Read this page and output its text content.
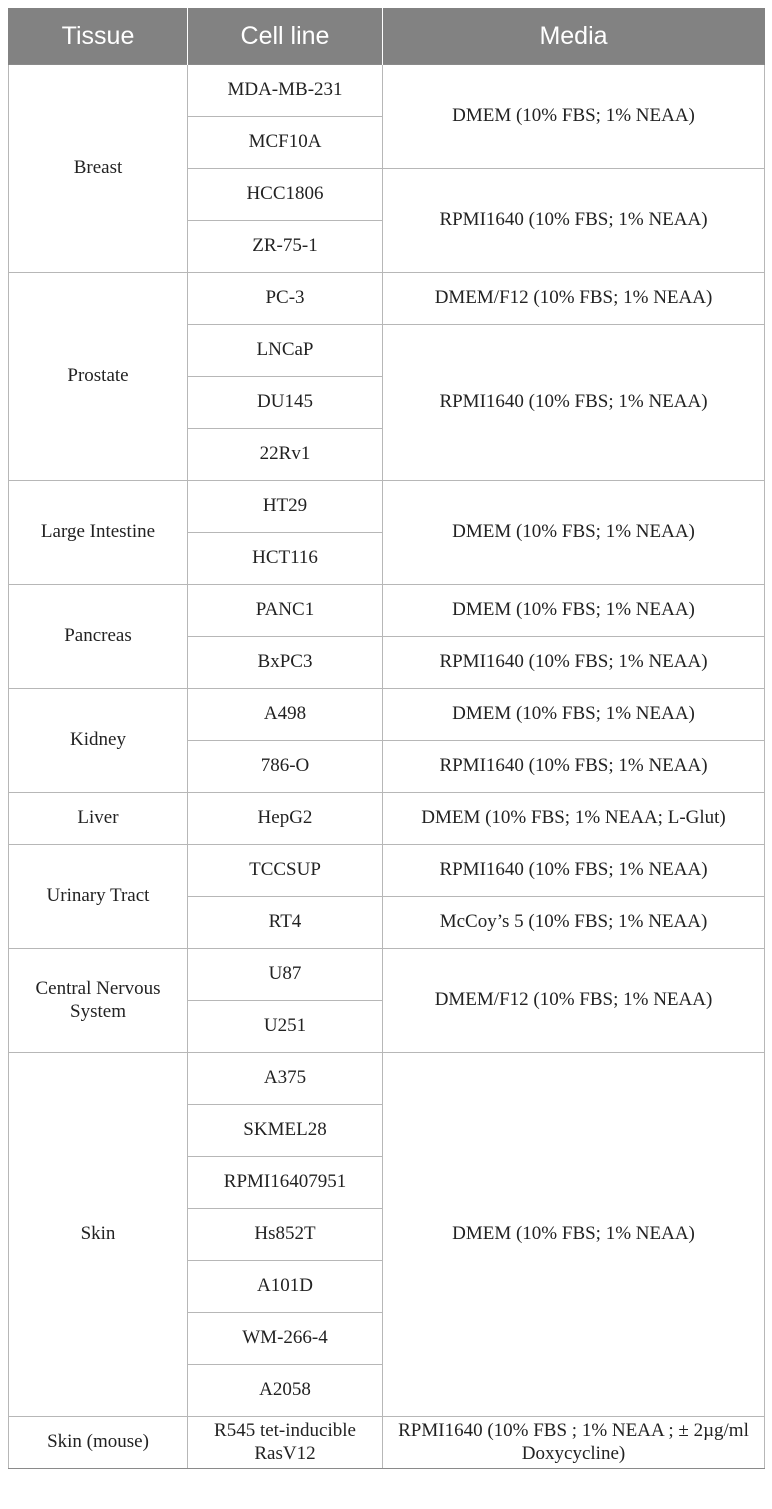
Tissue	Cell line	Media
Breast	MDA-MB-231	DMEM (10% FBS; 1% NEAA)
	MCF10A	
	HCC1806	RPMI1640 (10% FBS; 1% NEAA)
	ZR-75-1	
Prostate	PC-3	DMEM/F12 (10% FBS; 1% NEAA)
	LNCaP	RPMI1640 (10% FBS; 1% NEAA)
	DU145	
	22Rv1	
Large Intestine	HT29	DMEM (10% FBS; 1% NEAA)
	HCT116	
Pancreas	PANC1	DMEM (10% FBS; 1% NEAA)
	BxPC3	RPMI1640 (10% FBS; 1% NEAA)
Kidney	A498	DMEM (10% FBS; 1% NEAA)
	786-O	RPMI1640 (10% FBS; 1% NEAA)
Liver	HepG2	DMEM (10% FBS; 1% NEAA; L-Glut)
Urinary Tract	TCCSUP	RPMI1640 (10% FBS; 1% NEAA)
	RT4	McCoy’s 5 (10% FBS; 1% NEAA)
Central Nervous System	U87	DMEM/F12 (10% FBS; 1% NEAA)
	U251	
Skin	A375	DMEM (10% FBS; 1% NEAA)
	SKMEL28	
	RPMI16407951	
	Hs852T	
	A101D	
	WM-266-4	
	A2058	
Skin (mouse)	R545 tet-inducible RasV12	RPMI1640 (10% FBS ; 1% NEAA ; ± 2µg/ml Doxycycline)
